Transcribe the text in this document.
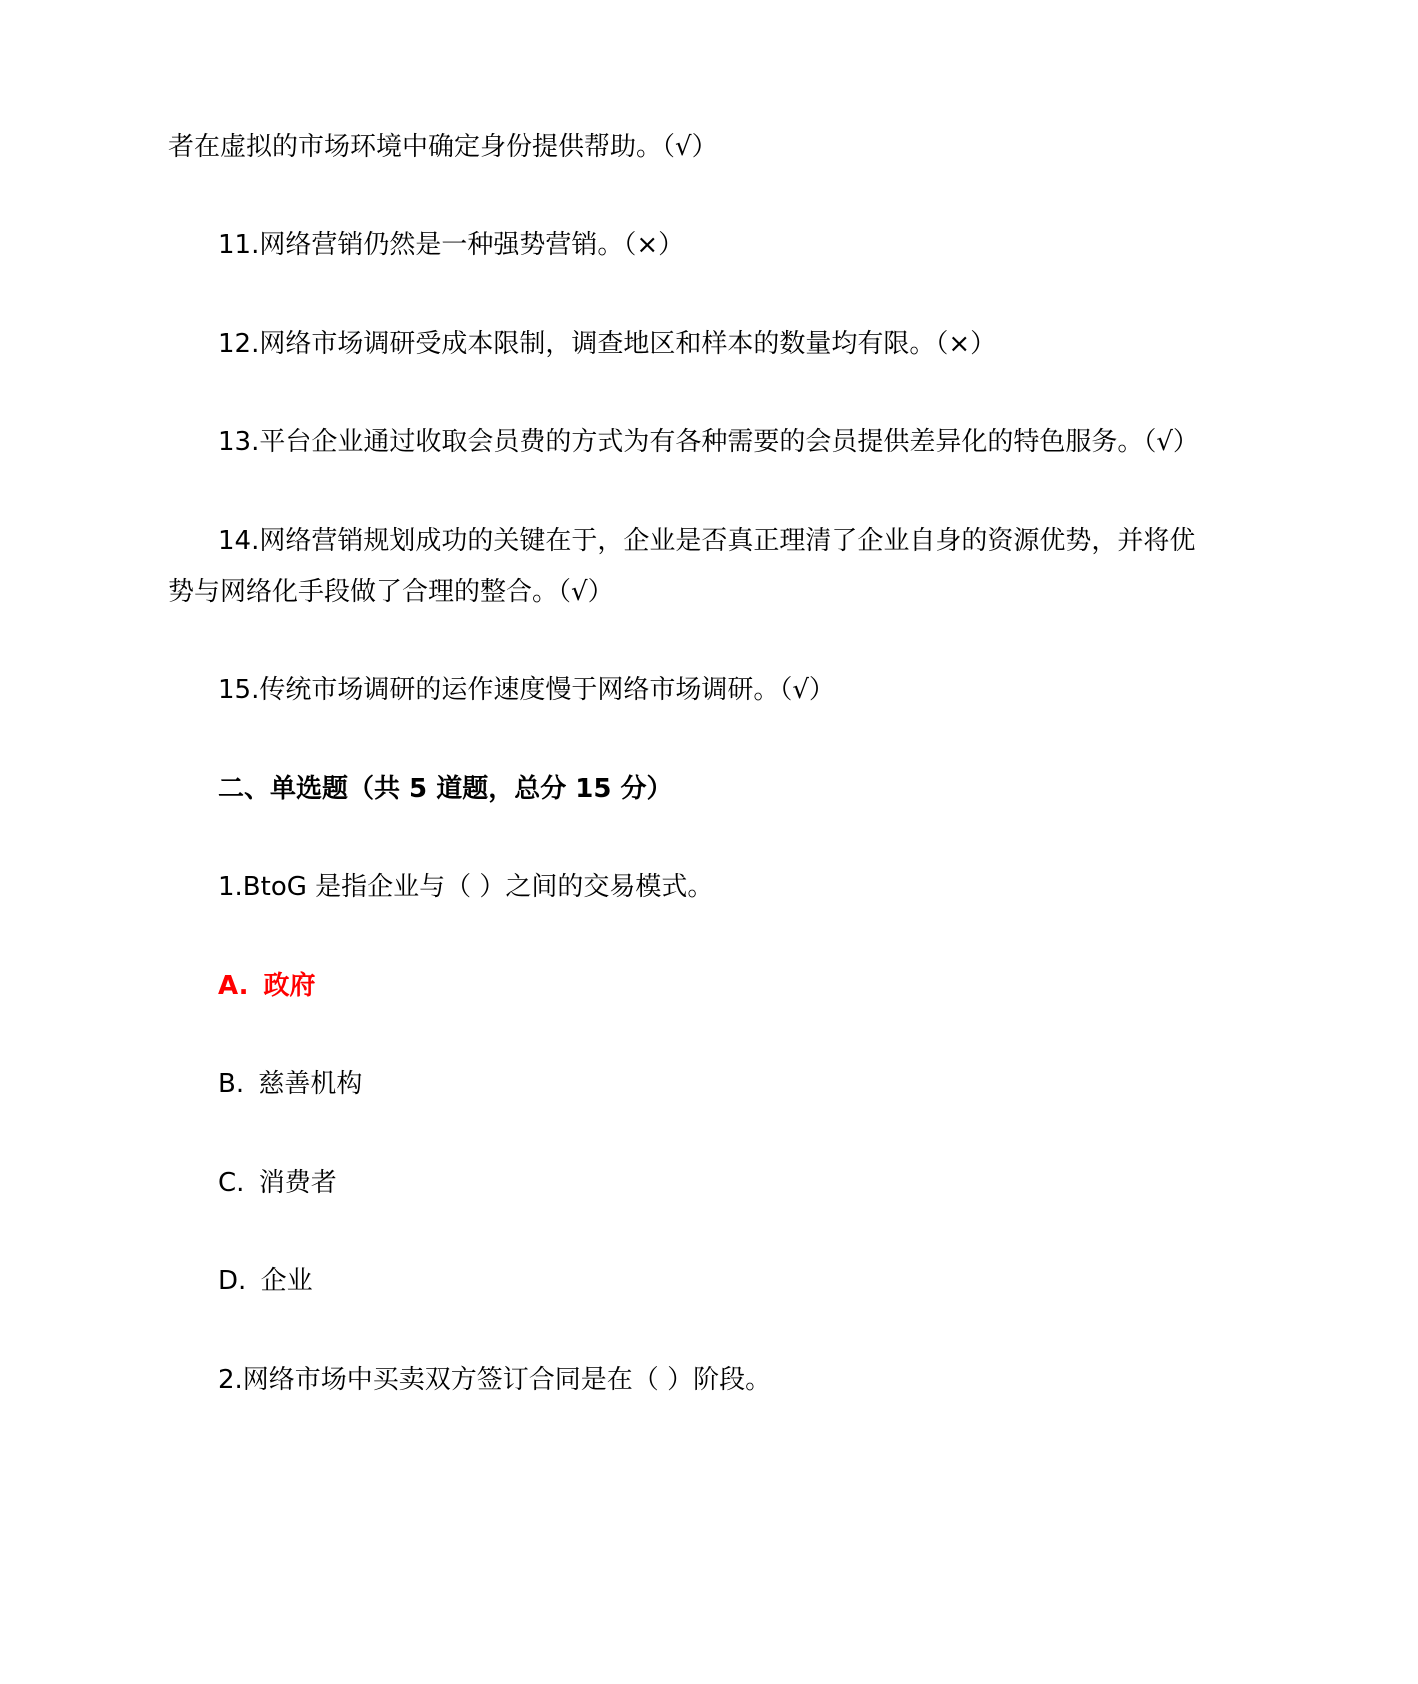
者在虚拟的市场环境中确定身份提供帮助。（√）
11.网络营销仍然是一种强势营销。（×）
12.网络市场调研受成本限制，调查地区和样本的数量均有限。（×）
13.平台企业通过收取会员费的方式为有各种需要的会员提供差异化的特色服务。（√）
14.网络营销规划成功的关键在于，企业是否真正理清了企业自身的资源优势，并将优
势与网络化手段做了合理的整合。（√）
15.传统市场调研的运作速度慢于网络市场调研。（√）
二、单选题（共 5 道题，总分 15 分）
1.BtoG 是指企业与（ ）之间的交易模式。
A. 政府
B. 慈善机构
C. 消费者
D. 企业
2.网络市场中买卖双方签订合同是在（ ）阶段。
